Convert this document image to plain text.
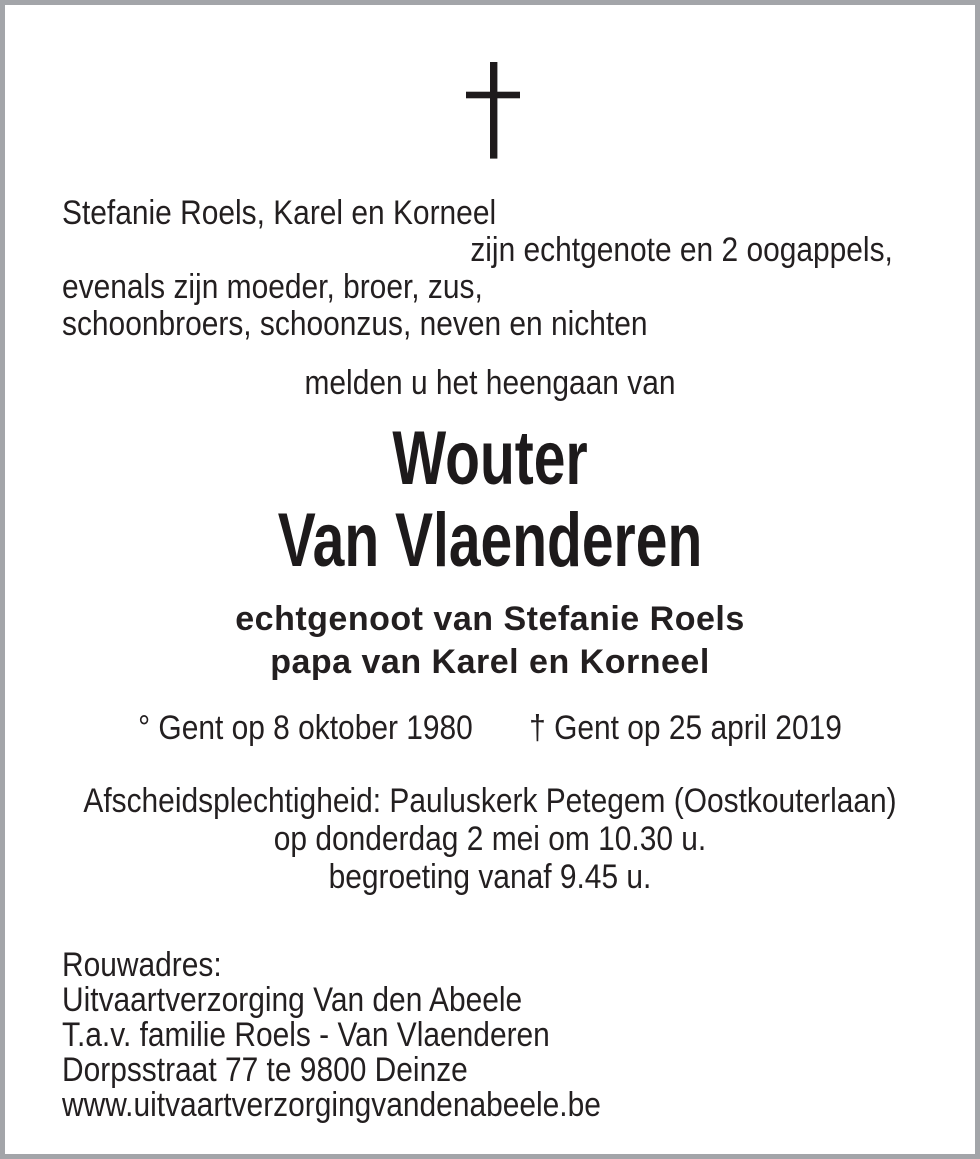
Stefanie Roels, Karel en Korneel
zijn echtgenote en 2 oogappels,
evenals zijn moeder, broer, zus,
schoonbroers, schoonzus, neven en nichten
melden u het heengaan van
Wouter
Van Vlaenderen
echtgenoot van Stefanie Roels
papa van Karel en Korneel
° Gent op 8 oktober 1980 † Gent op 25 april 2019
Afscheidsplechtigheid: Pauluskerk Petegem (Oostkouterlaan)
op donderdag 2 mei om 10.30 u.
begroeting vanaf 9.45 u.
Rouwadres:
Uitvaartverzorging Van den Abeele
T.a.v. familie Roels - Van Vlaenderen
Dorpsstraat 77 te 9800 Deinze
www.uitvaartverzorgingvandenabeele.be
